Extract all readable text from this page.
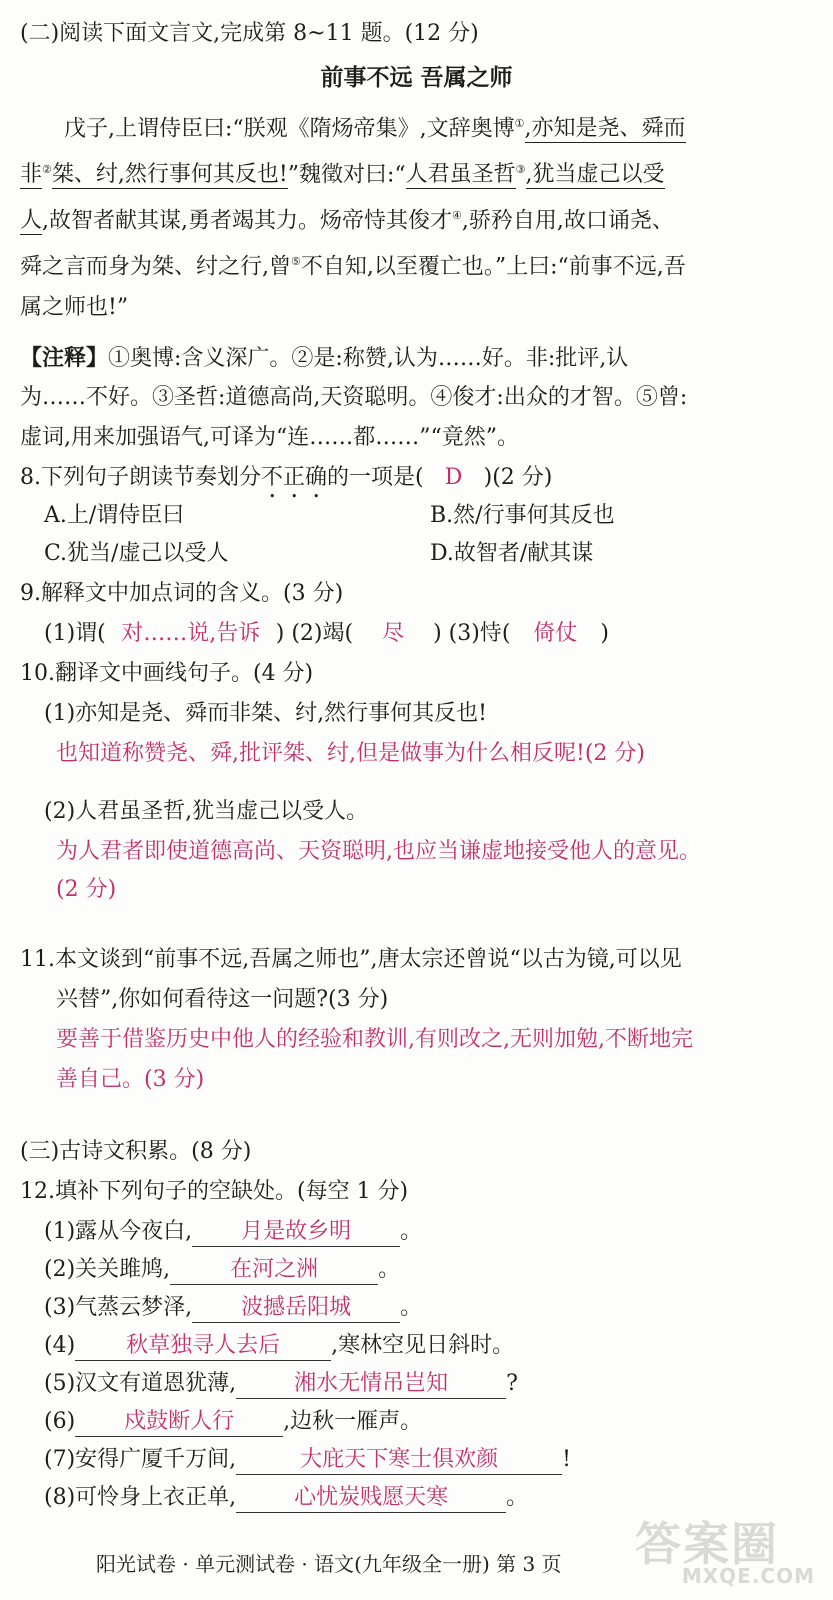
(二)阅读下面文言文,完成第 8~11 题。(12 分)
前事不远 吾属之师
戊子,上谓侍臣曰:“朕观《隋炀帝集》,文辞奥博①,亦知是尧、舜而
非②桀、纣,然行事何其反也!”魏徵对曰:“人君虽圣哲③,犹当虚己以受
人,故智者献其谋,勇者竭其力。炀帝恃其俊才④,骄矜自用,故口诵尧、
舜之言而身为桀、纣之行,曾⑤不自知,以至覆亡也。”上曰:“前事不远,吾
属之师也!”
【注释】①奥博:含义深广。②是:称赞,认为……好。非:批评,认
为……不好。③圣哲:道德高尚,天资聪明。④俊才:出众的才智。⑤曾:
虚词,用来加强语气,可译为“连……都……”“竟然”。
8.下列句子朗读节奏划分不正确的一项是( D )(2 分)
A.上/谓侍臣曰	B.然/行事何其反也
C.犹当/虚己以受人	D.故智者/献其谋
9.解释文中加点词的含义。(3 分)
(1)谓( 对……说,告诉 ) (2)竭( 尽 ) (3)恃( 倚仗 )
10.翻译文中画线句子。(4 分)
(1)亦知是尧、舜而非桀、纣,然行事何其反也!
也知道称赞尧、舜,批评桀、纣,但是做事为什么相反呢!(2 分)
(2)人君虽圣哲,犹当虚己以受人。
为人君者即使道德高尚、天资聪明,也应当谦虚地接受他人的意见。
(2 分)
11.本文谈到“前事不远,吾属之师也”,唐太宗还曾说“以古为镜,可以见
兴替”,你如何看待这一问题?(3 分)
要善于借鉴历史中他人的经验和教训,有则改之,无则加勉,不断地完
善自己。(3 分)
(三)古诗文积累。(8 分)
12.填补下列句子的空缺处。(每空 1 分)
(1)露从今夜白, 月是故乡明 。
(2)关关雎鸠,	在河之洲	。
(3)气蒸云梦泽, 波撼岳阳城 。
(4) 秋草独寻人去后 ,寒林空见日斜时。
(5)汉文有道恩犹薄,	湘水无情吊岂知	?
(6) 戍鼓断人行 ,边秋一雁声。
(7)安得广厦千万间,	大庇天下寒士俱欢颜	!
(8)可怜身上衣正单,	心忧炭贱愿天寒	。
阳光试卷 · 单元测试卷 · 语文(九年级全一册) 第 3 页 答案圈
MXQE.COM
